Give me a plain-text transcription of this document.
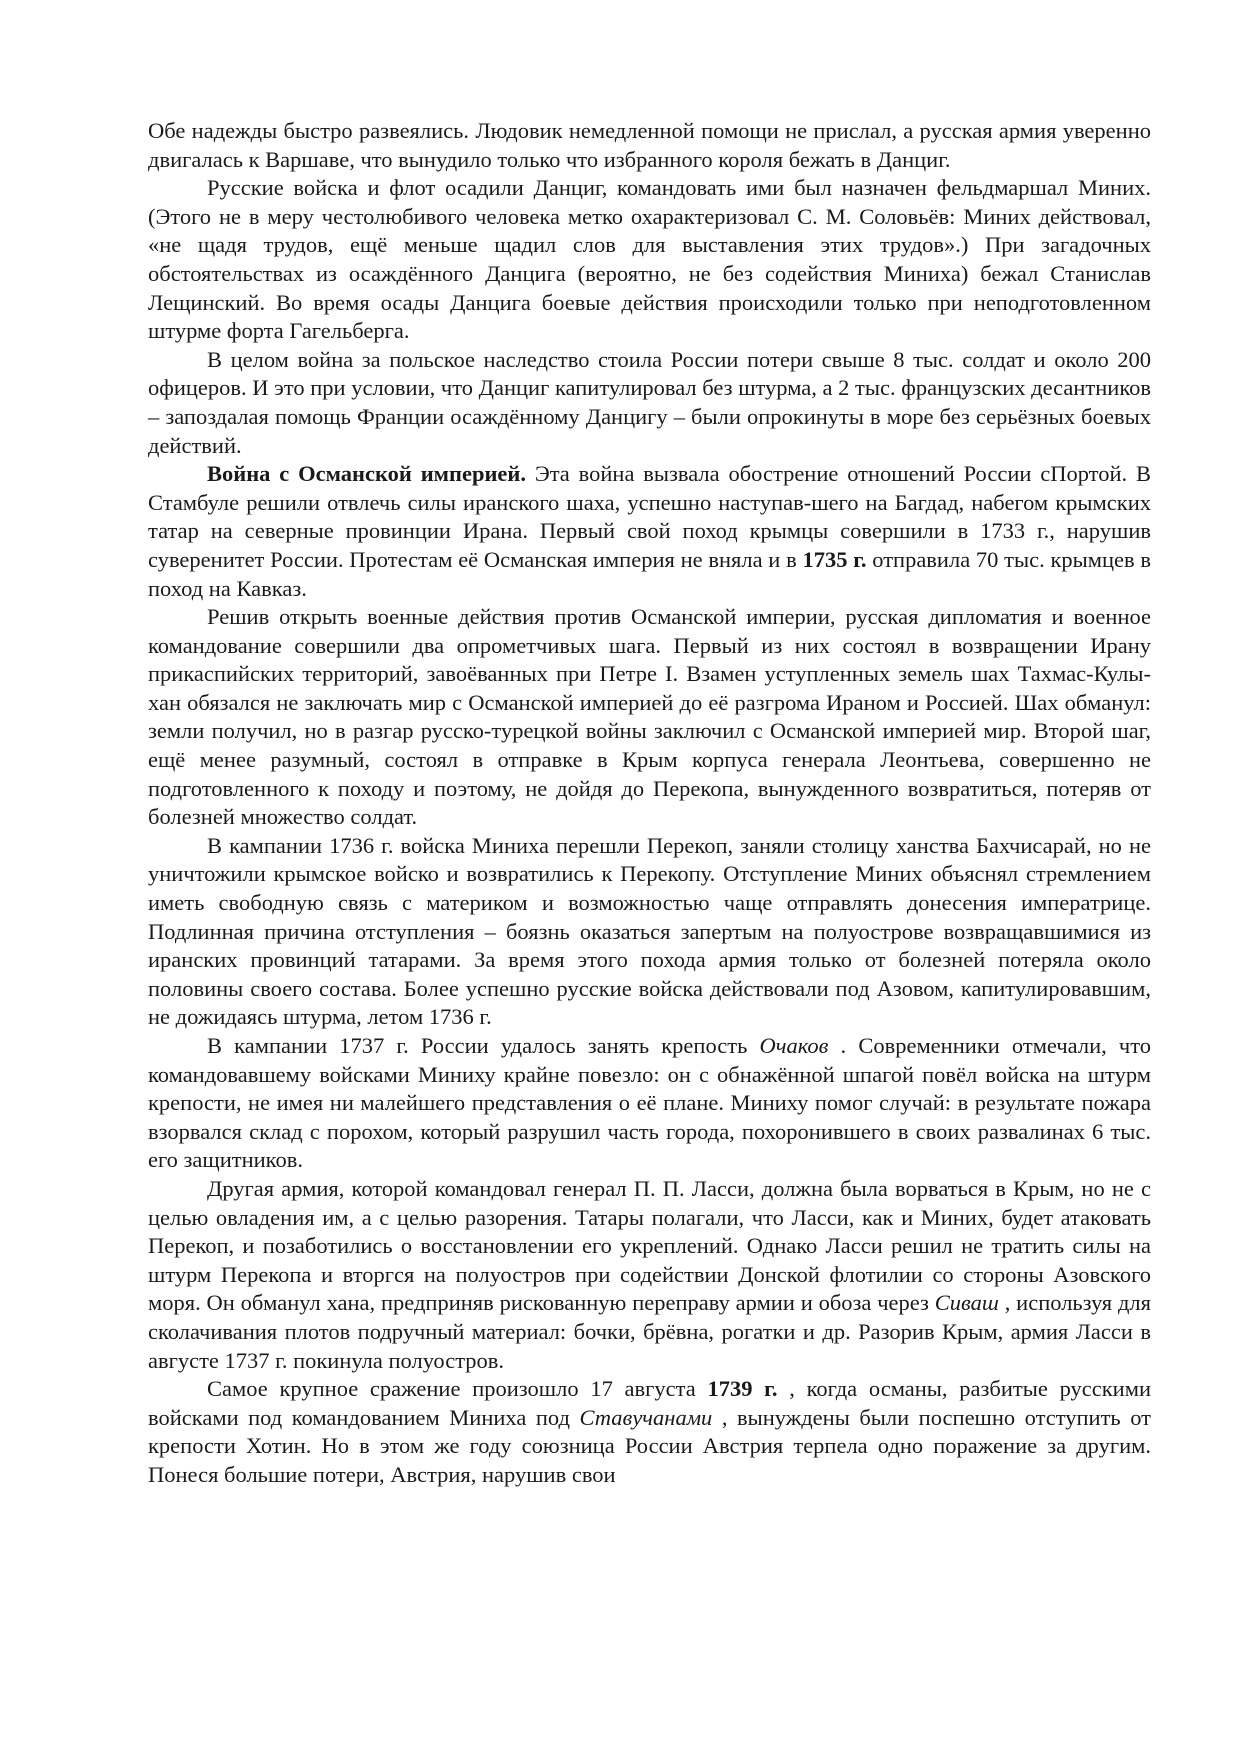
Обе надежды быстро развеялись. Людовик немедленной помощи не прислал, а русская армия уверенно двигалась к Варшаве, что вынудило только что избранного короля бежать в Данциг.

Русские войска и флот осадили Данциг, командовать ими был назначен фельдмаршал Миних. (Этого не в меру честолюбивого человека метко охарактеризовал С. М. Соловьёв: Миних действовал, «не щадя трудов, ещё меньше щадил слов для выставления этих трудов».) При загадочных обстоятельствах из осаждённого Данцига (вероятно, не без содействия Миниха) бежал Станислав Лещинский. Во время осады Данцига боевые действия происходили только при неподготовленном штурме форта Гагельберга.

В целом война за польское наследство стоила России потери свыше 8 тыс. солдат и около 200 офицеров. И это при условии, что Данциг капитулировал без штурма, а 2 тыс. французских десантников – запоздалая помощь Франции осаждённому Данцигу – были опрокинуты в море без серьёзных боевых действий.

Война с Османской империей. Эта война вызвала обострение отношений России сПортой. В Стамбуле решили отвлечь силы иранского шаха, успешно наступав-шего на Багдад, набегом крымских татар на северные провинции Ирана. Первый свой поход крымцы совершили в 1733 г., нарушив суверенитет России. Протестам её Османская империя не вняла и в 1735 г. отправила 70 тыс. крымцев в поход на Кавказ.

Решив открыть военные действия против Османской империи, русская дипломатия и военное командование совершили два опрометчивых шага. Первый из них состоял в возвращении Ирану прикаспийских территорий, завоёванных при Петре I. Взамен уступленных земель шах Тахмас-Кулы-хан обязался не заключать мир с Османской империей до её разгрома Ираном и Россией. Шах обманул: земли получил, но в разгар русско-турецкой войны заключил с Османской империей мир. Второй шаг, ещё менее разумный, состоял в отправке в Крым корпуса генерала Леонтьева, совершенно не подготовленного к походу и поэтому, не дойдя до Перекопа, вынужденного возвратиться, потеряв от болезней множество солдат.

В кампании 1736 г. войска Миниха перешли Перекоп, заняли столицу ханства Бахчисарай, но не уничтожили крымское войско и возвратились к Перекопу. Отступление Миних объяснял стремлением иметь свободную связь с материком и возможностью чаще отправлять донесения императрице. Подлинная причина отступления – боязнь оказаться запертым на полуострове возвращавшимися из иранских провинций татарами. За время этого похода армия только от болезней потеряла около половины своего состава. Более успешно русские войска действовали под Азовом, капитулировавшим, не дожидаясь штурма, летом 1736 г.

В кампании 1737 г. России удалось занять крепость Очаков . Современники отмечали, что командовавшему войсками Миниху крайне повезло: он с обнажённой шпагой повёл войска на штурм крепости, не имея ни малейшего представления о её плане. Миниху помог случай: в результате пожара взорвался склад с порохом, который разрушил часть города, похоронившего в своих развалинах 6 тыс. его защитников.

Другая армия, которой командовал генерал П. П. Ласси, должна была ворваться в Крым, но не с целью овладения им, а с целью разорения. Татары полагали, что Ласси, как и Миних, будет атаковать Перекоп, и позаботились о восстановлении его укреплений. Однако Ласси решил не тратить силы на штурм Перекопа и вторгся на полуостров при содействии Донской флотилии со стороны Азовского моря. Он обманул хана, предприняв рискованную переправу армии и обоза через Сиваш , используя для сколачивания плотов подручный материал: бочки, брёвна, рогатки и др. Разорив Крым, армия Ласси в августе 1737 г. покинула полуостров.

Самое крупное сражение произошло 17 августа 1739 г. , когда османы, разбитые русскими войсками под командованием Миниха под Ставучанами , вынуждены были поспешно отступить от крепости Хотин. Но в этом же году союзница России Австрия терпела одно поражение за другим. Понеся большие потери, Австрия, нарушив свои
